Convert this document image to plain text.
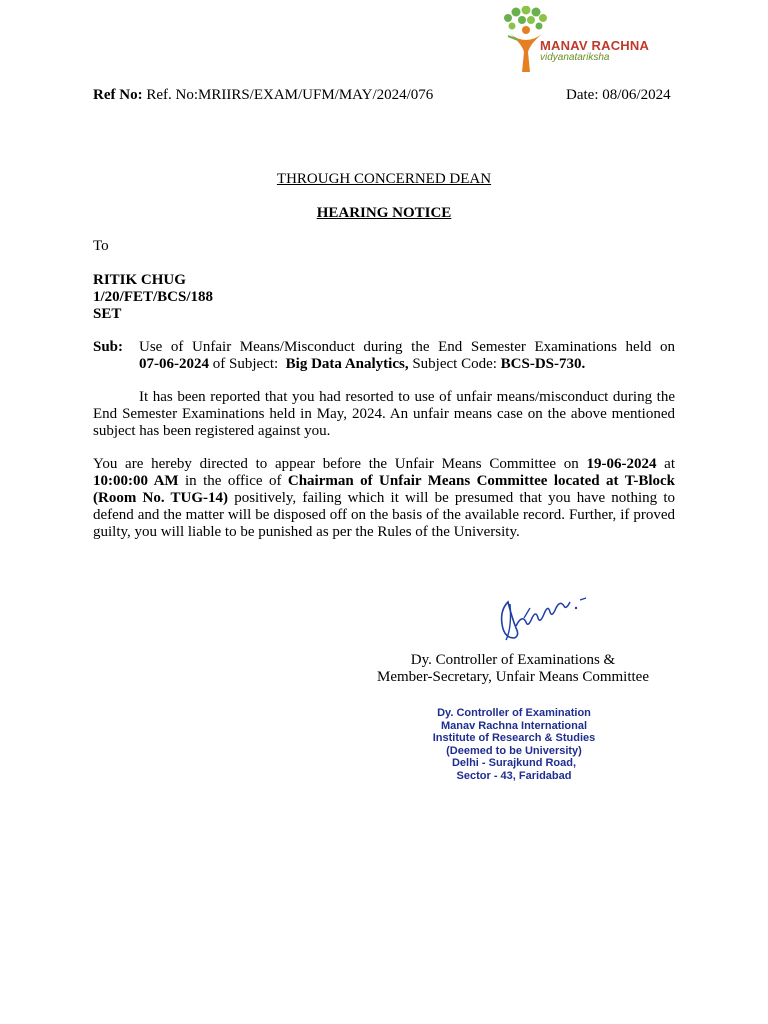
MANAV RACHNA
vidyanatariksha
Ref No: Ref. No:MRIIRS/EXAM/UFM/MAY/2024/076	Date: 08/06/2024
THROUGH CONCERNED DEAN
HEARING NOTICE
To
RITIK CHUG
1/20/FET/BCS/188
SET
Sub: Use of Unfair Means/Misconduct during the End Semester Examinations held on
07-06-2024 of Subject:  Big Data Analytics, Subject Code: BCS-DS-730.
It has been reported that you had resorted to use of unfair means/misconduct during the End Semester Examinations held in May, 2024. An unfair means case on the above mentioned subject has been registered against you.
You are hereby directed to appear before the Unfair Means Committee on 19-06-2024 at 10:00:00 AM in the office of Chairman of Unfair Means Committee located at T-Block (Room No. TUG-14) positively, failing which it will be presumed that you have nothing to defend and the matter will be disposed off on the basis of the available record. Further, if proved guilty, you will liable to be punished as per the Rules of the University.
Dy. Controller of Examinations &
Member-Secretary, Unfair Means Committee
Dy. Controller of Examination
Manav Rachna International
Institute of Research & Studies
(Deemed to be University)
Delhi - Surajkund Road,
Sector - 43, Faridabad
